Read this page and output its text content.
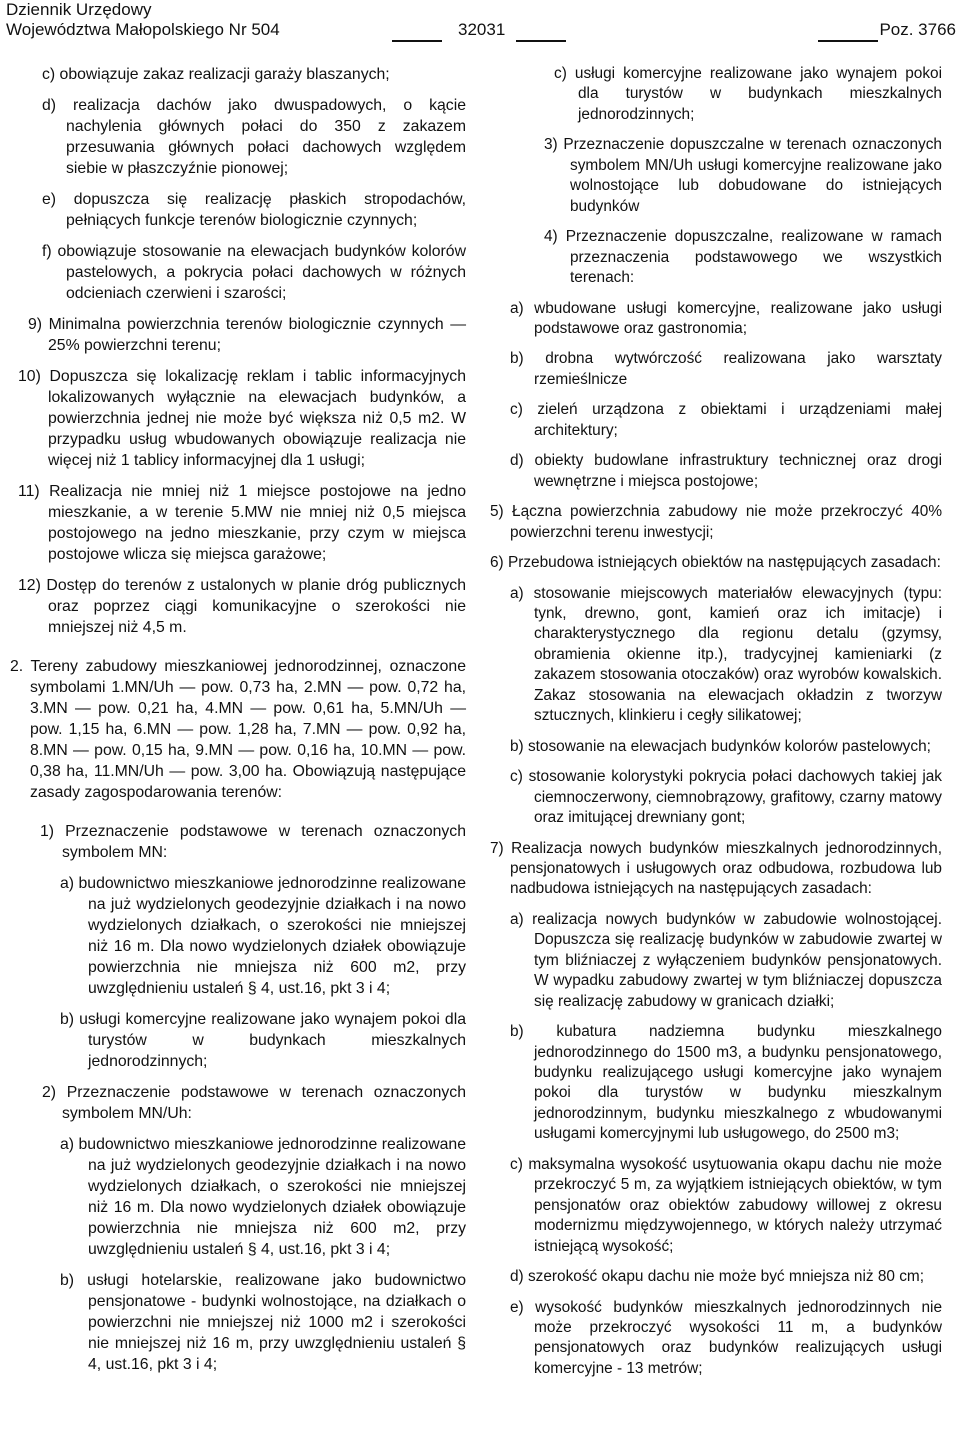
Dziennik Urzędowy
Województwa Małopolskiego Nr 504	32031	Poz. 3766

c) obowiązuje zakaz realizacji garaży blaszanych;

d) realizacja dachów jako dwuspadowych, o kącie nachylenia głównych połaci do 350 z zakazem przesuwania głównych połaci dachowych względem siebie w płaszczyźnie pionowej;

e) dopuszcza się realizację płaskich stropodachów, pełniących funkcje terenów biologicznie czynnych;

f) obowiązuje stosowanie na elewacjach budynków kolorów pastelowych, a pokrycia połaci dachowych w różnych odcieniach czerwieni i szarości;

9) Minimalna powierzchnia terenów biologicznie czynnych — 25% powierzchni terenu;

10) Dopuszcza się lokalizację reklam i tablic informacyjnych lokalizowanych wyłącznie na elewacjach budynków, a powierzchnia jednej nie może być większa niż 0,5 m2. W przypadku usług wbudowanych obowiązuje realizacja nie więcej niż 1 tablicy informacyjnej dla 1 usługi;

11) Realizacja nie mniej niż 1 miejsce postojowe na jedno mieszkanie, a w terenie 5.MW nie mniej niż 0,5 miejsca postojowego na jedno mieszkanie, przy czym w miejsca postojowe wlicza się miejsca garażowe;

12) Dostęp do terenów z ustalonych w planie dróg publicznych oraz poprzez ciągi komunikacyjne o szerokości nie mniejszej niż 4,5 m.

2. Tereny zabudowy mieszkaniowej jednorodzinnej, oznaczone symbolami 1.MN/Uh — pow. 0,73 ha, 2.MN — pow. 0,72 ha, 3.MN — pow. 0,21 ha, 4.MN — pow. 0,61 ha, 5.MN/Uh — pow. 1,15 ha, 6.MN — pow. 1,28 ha, 7.MN — pow. 0,92 ha, 8.MN — pow. 0,15 ha, 9.MN — pow. 0,16 ha, 10.MN — pow. 0,38 ha, 11.MN/Uh — pow. 3,00 ha. Obowiązują następujące zasady zagospodarowania terenów:

1) Przeznaczenie podstawowe w terenach oznaczonych symbolem MN:

a) budownictwo mieszkaniowe jednorodzinne realizowane na już wydzielonych geodezyjnie działkach i na nowo wydzielonych działkach, o szerokości nie mniejszej niż 16 m. Dla nowo wydzielonych działek obowiązuje powierzchnia nie mniejsza niż 600 m2, przy uwzględnieniu ustaleń § 4, ust.16, pkt 3 i 4;

b) usługi komercyjne realizowane jako wynajem pokoi dla turystów w budynkach mieszkalnych jednorodzinnych;

2) Przeznaczenie podstawowe w terenach oznaczonych symbolem MN/Uh:

a) budownictwo mieszkaniowe jednorodzinne realizowane na już wydzielonych geodezyjnie działkach i na nowo wydzielonych działkach, o szerokości nie mniejszej niż 16 m. Dla nowo wydzielonych działek obowiązuje powierzchnia nie mniejsza niż 600 m2, przy uwzględnieniu ustaleń § 4, ust.16, pkt 3 i 4;

b) usługi hotelarskie, realizowane jako budownictwo pensjonatowe - budynki wolnostojące, na działkach o powierzchni nie mniejszej niż 1000 m2 i szerokości nie mniejszej niż 16 m, przy uwzględnieniu ustaleń § 4, ust.16, pkt 3 i 4;

c) usługi komercyjne realizowane jako wynajem pokoi dla turystów w budynkach mieszkalnych jednorodzinnych;

3) Przeznaczenie dopuszczalne w terenach oznaczonych symbolem MN/Uh usługi komercyjne realizowane jako wolnostojące lub dobudowane do istniejących budynków

4) Przeznaczenie dopuszczalne, realizowane w ramach przeznaczenia podstawowego we wszystkich terenach:

a) wbudowane usługi komercyjne, realizowane jako usługi podstawowe oraz gastronomia;

b) drobna wytwórczość realizowana jako warsztaty rzemieślnicze

c) zieleń urządzona z obiektami i urządzeniami małej architektury;

d) obiekty budowlane infrastruktury technicznej oraz drogi wewnętrzne i miejsca postojowe;

5) Łączna powierzchnia zabudowy nie może przekroczyć 40% powierzchni terenu inwestycji;

6) Przebudowa istniejących obiektów na następujących zasadach:

a) stosowanie miejscowych materiałów elewacyjnych (typu: tynk, drewno, gont, kamień oraz ich imitacje) i charakterystycznego dla regionu detalu (gzymsy, obramienia okienne itp.), tradycyjnej kamieniarki (z zakazem stosowania otoczaków) oraz wyrobów kowalskich. Zakaz stosowania na elewacjach okładzin z tworzyw sztucznych, klinkieru i cegły silikatowej;

b) stosowanie na elewacjach budynków kolorów pastelowych;

c) stosowanie kolorystyki pokrycia połaci dachowych takiej jak ciemnoczerwony, ciemnobrązowy, grafitowy, czarny matowy oraz imitującej drewniany gont;

7) Realizacja nowych budynków mieszkalnych jednorodzinnych, pensjonatowych i usługowych oraz odbudowa, rozbudowa lub nadbudowa istniejących na następujących zasadach:

a) realizacja nowych budynków w zabudowie wolnostojącej. Dopuszcza się realizację budynków w zabudowie zwartej w tym bliźniaczej z wyłączeniem budynków pensjonatowych. W wypadku zabudowy zwartej w tym bliźniaczej dopuszcza się realizację zabudowy w granicach działki;

b) kubatura nadziemna budynku mieszkalnego jednorodzinnego do 1500 m3, a budynku pensjonatowego, budynku realizującego usługi komercyjne jako wynajem pokoi dla turystów w budynku mieszkalnym jednorodzinnym, budynku mieszkalnego z wbudowanymi usługami komercyjnymi lub usługowego, do 2500 m3;

c) maksymalna wysokość usytuowania okapu dachu nie może przekroczyć 5 m, za wyjątkiem istniejących obiektów, w tym pensjonatów oraz obiektów zabudowy willowej z okresu modernizmu międzywojennego, w których należy utrzymać istniejącą wysokość;

d) szerokość okapu dachu nie może być mniejsza niż 80 cm;

e) wysokość budynków mieszkalnych jednorodzinnych nie może przekroczyć wysokości 11 m, a budynków pensjonatowych oraz budynków realizujących usługi komercyjne - 13 metrów;
